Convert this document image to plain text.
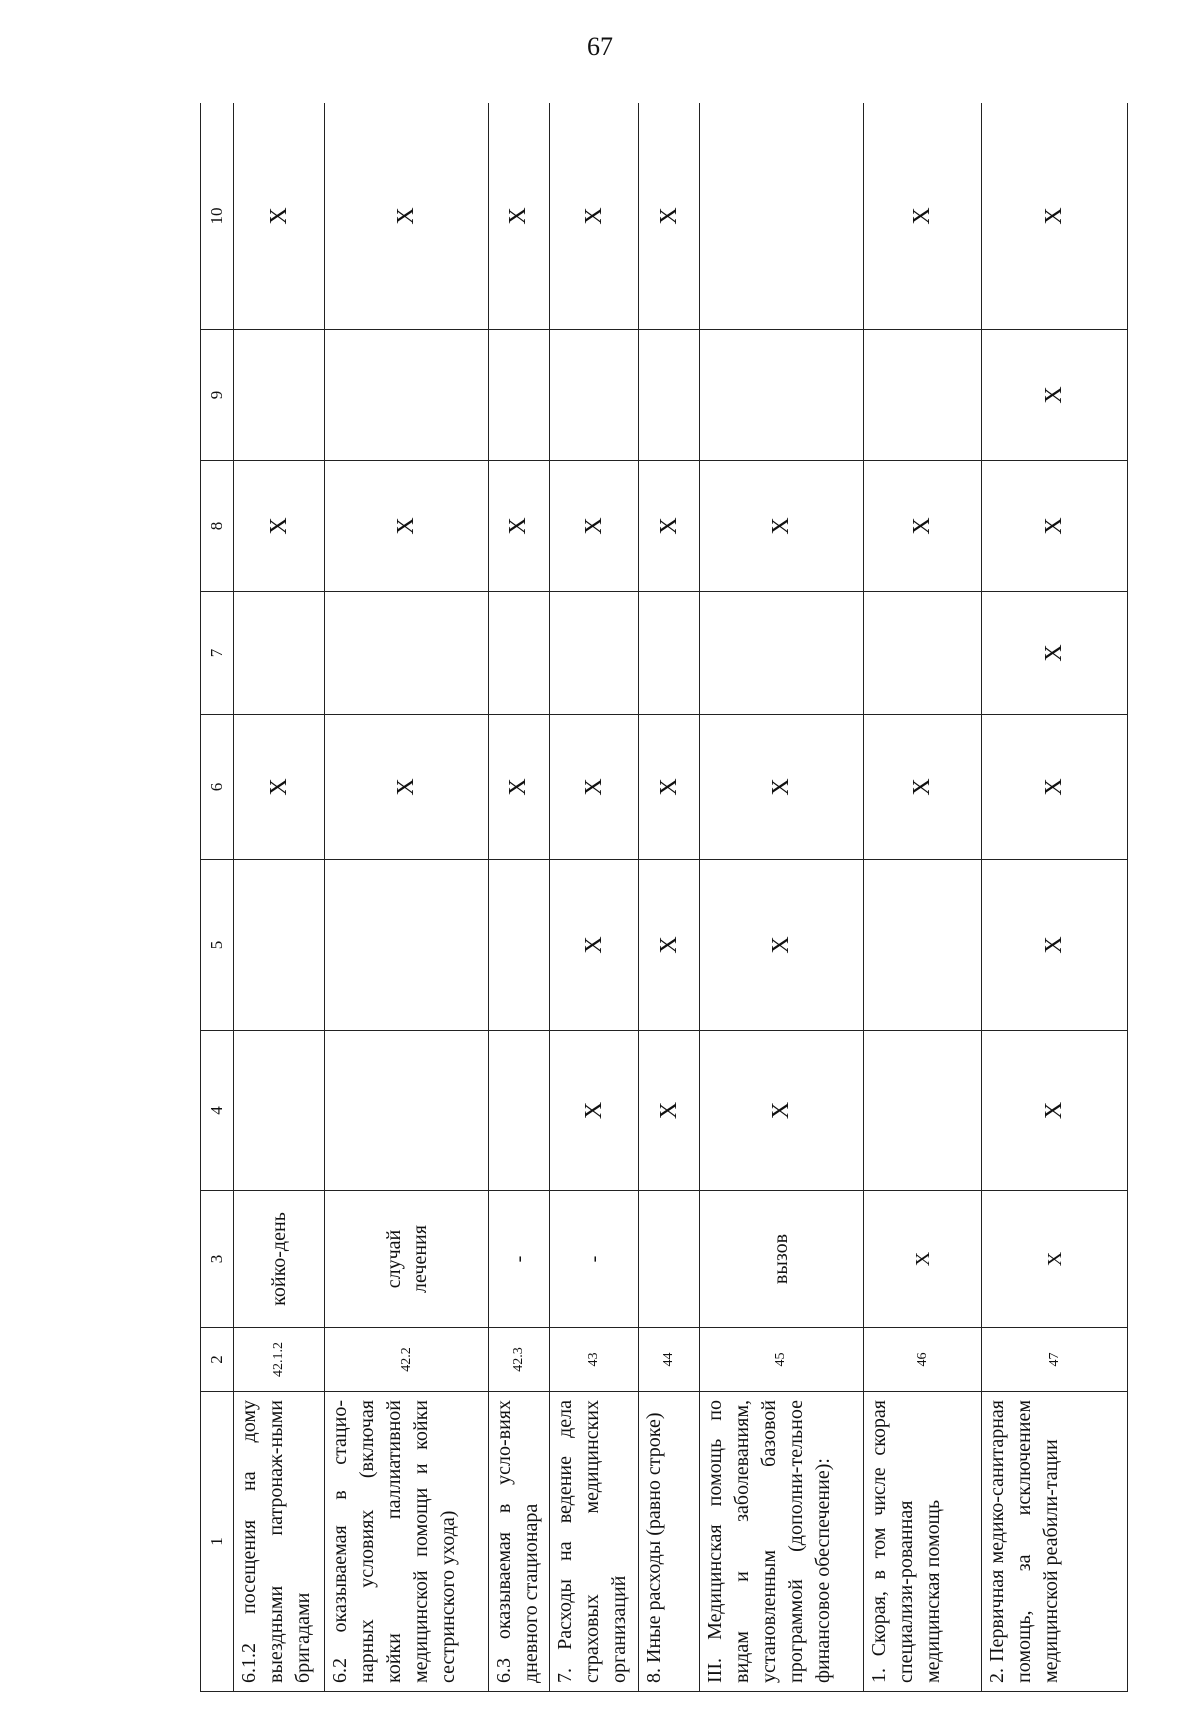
67
1	2	3	4	5	6	7	8	9	10

6.1.2 посещения на дому выездными патронаж-ными бригадами	42.1.2	койко-день			Х		Х		Х

6.2 оказываемая в стацио-нарных условиях (включая койки паллиативной медицинской помощи и койки сестринского ухода)	42.2	случай лечения			Х		Х		Х

6.3 оказываемая в усло-виях дневного стационара	42.3	-			Х		Х		Х

7. Расходы на ведение дела страховых медицинских организаций	43	-	Х	Х	Х		Х		Х

8. Иные расходы (равно строке)	44		Х	Х	Х		Х		Х

III. Медицинская помощь по видам и заболеваниям, установленным базовой программой (дополни-тельное финансовое обеспечение):	45	вызов	Х	Х	Х		Х		

1. Скорая, в том числе скорая специализи-рованная медицинская помощь	46	Х			Х		Х		Х

2. Первичная медико-санитарная помощь, за исключением медицинской реабили-тации	47	Х	Х	Х	Х	Х	Х	Х	Х
